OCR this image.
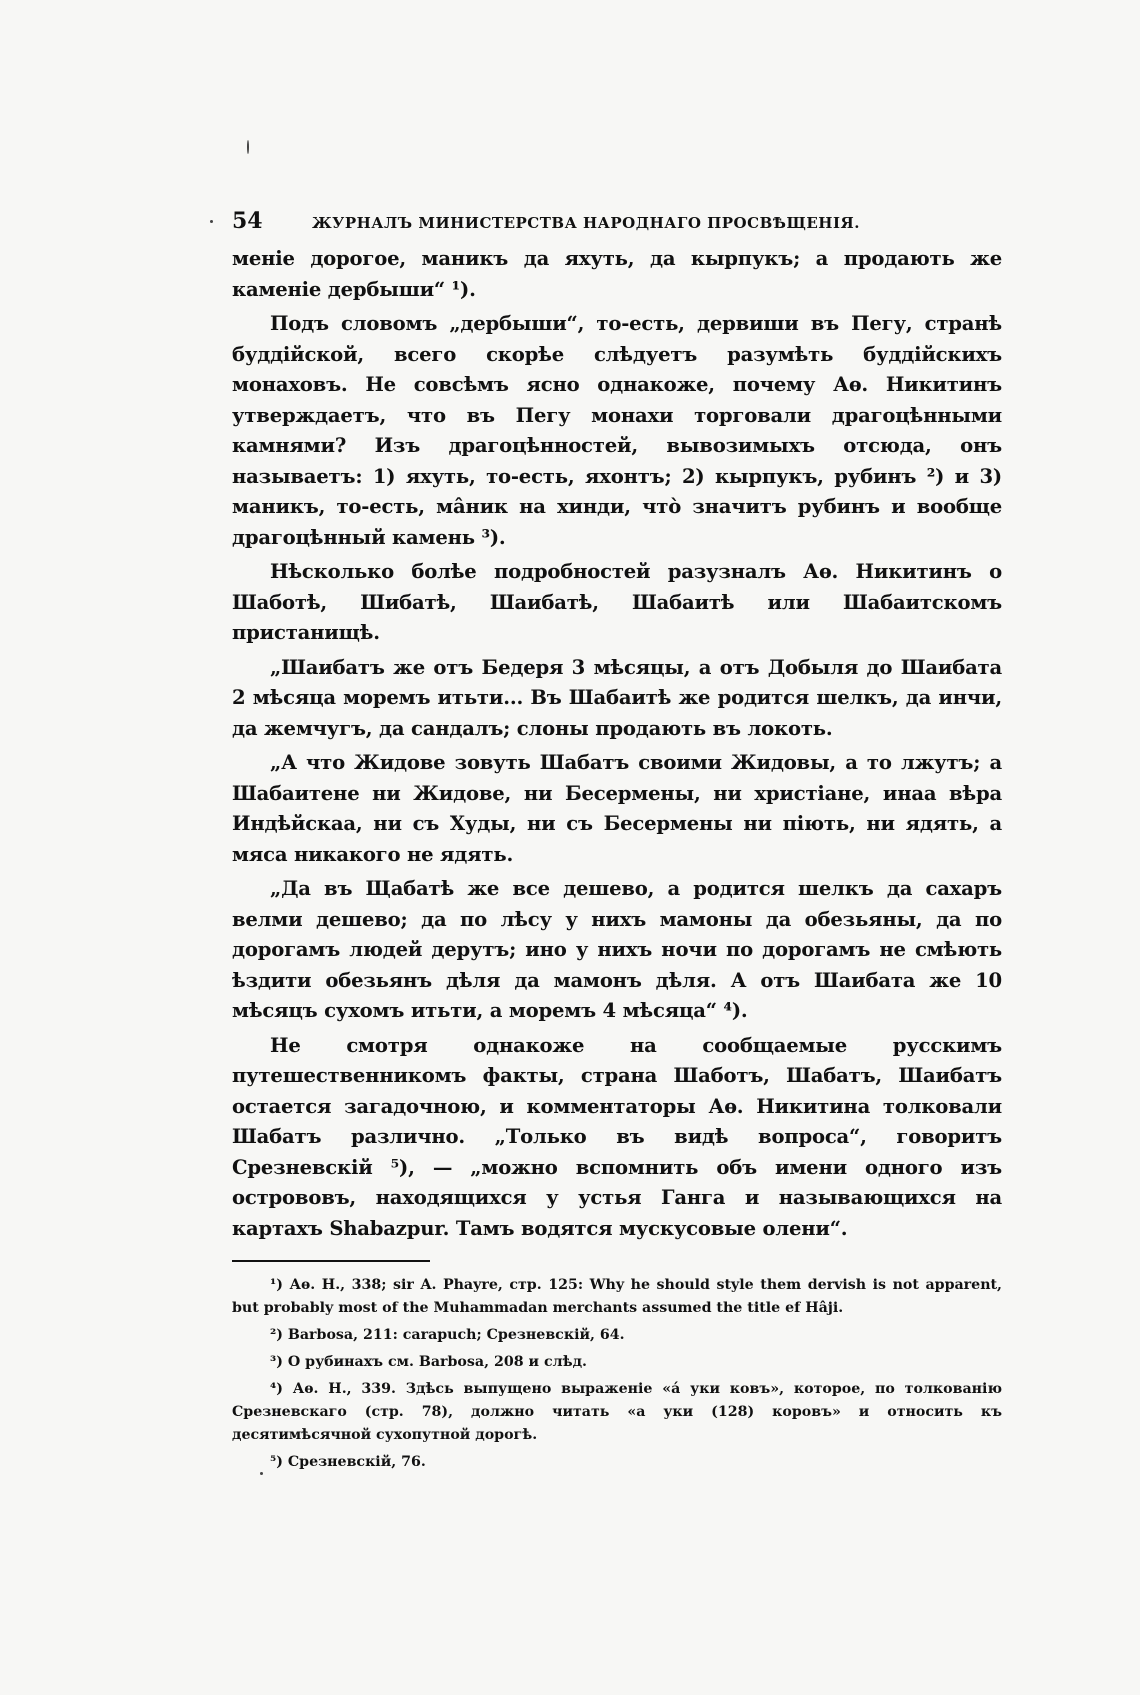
54	ЖУРНАЛЪ МИНИСТЕРСТВА НАРОДНАГО ПРОСВѢЩЕНІЯ.

меніе дорогое, маникъ да яхуть, да кырпукъ; а продають же каменіе дербыши“ ¹).

Подъ словомъ „дербыши“, то-есть, дервиши въ Пегу, странѣ буддійской, всего скорѣе слѣдуетъ разумѣть буддійскихъ монаховъ. Не совсѣмъ ясно однакоже, почему Аѳ. Никитинъ утверждаетъ, что въ Пегу монахи торговали драгоцѣнными камнями? Изъ драгоцѣнностей, вывозимыхъ отсюда, онъ называетъ: 1) яхуть, то-есть, яхонтъ; 2) кырпукъ, рубинъ ²) и 3) маникъ, то-есть, мâник на хинди, что̀ значитъ рубинъ и вообще драгоцѣнный камень ³).

Нѣсколько болѣе подробностей разузналъ Аѳ. Никитинъ о Шаботѣ, Шибатѣ, Шаибатѣ, Шабаитѣ или Шабаитскомъ пристанищѣ.

„Шаибатъ же отъ Бедеря 3 мѣсяцы, а отъ Добыля до Шаибата 2 мѣсяца моремъ итьти... Въ Шабаитѣ же родится шелкъ, да инчи, да жемчугъ, да сандалъ; слоны продають въ локоть.

„А что Жидове зовуть Шабатъ своими Жидовы, а то лжутъ; а Шабаитене ни Жидове, ни Бесермены, ни христіане, инаа вѣра Индѣйскаа, ни съ Худы, ни съ Бесермены ни піють, ни ядять, а мяса никакого не ядять.

„Да въ Щабатѣ же все дешево, а родится шелкъ да сахаръ велми дешево; да по лѣсу у нихъ мамоны да обезьяны, да по дорогамъ людей дерутъ; ино у нихъ ночи по дорогамъ не смѣють ѣздити обезьянъ дѣля да мамонъ дѣля. А отъ Шаибата же 10 мѣсяцъ сухомъ итьти, а моремъ 4 мѣсяца“ ⁴).

Не смотря однакоже на сообщаемые русскимъ путешественникомъ факты, страна Шаботъ, Шабатъ, Шаибатъ остается загадочною, и комментаторы Аѳ. Никитина толковали Шабатъ различно. „Только въ видѣ вопроса“, говоритъ Срезневскій ⁵), — „можно вспомнить объ имени одного изъ острововъ, находящихся у устья Ганга и называющихся на картахъ Shabazpur. Тамъ водятся мускусовые олени“.

¹) Аѳ. Н., 338; sir A. Phayre, стр. 125: Why he should style them dervish is not apparent, but probably most of the Muhammadan merchants assumed the title ef Hâji.

²) Barbosa, 211: carapuch; Срезневскій, 64.

³) О рубинахъ см. Barbosa, 208 и слѣд.

⁴) Аѳ. Н., 339. Здѣсь выпущено выраженіе «á уки ковъ», которое, по толкованію Срезневскаго (стр. 78), должно читать «а уки (128) коровъ» и относить къ десятимѣсячной сухопутной дорогѣ.

⁵) Срезневскій, 76.
